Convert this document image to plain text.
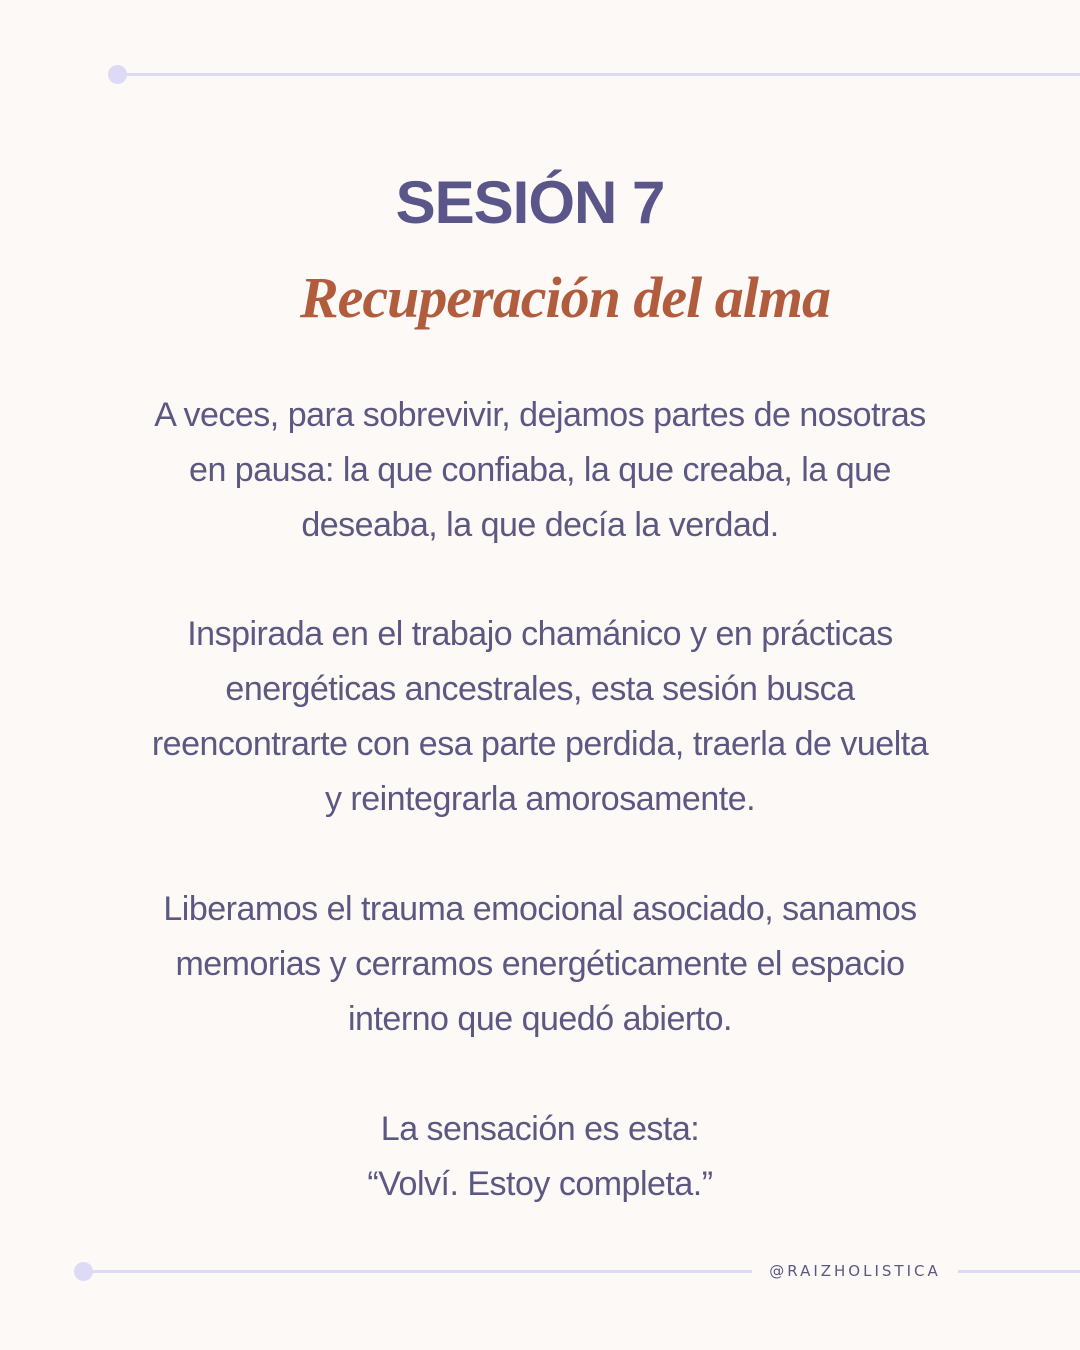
SESIÓN 7
Recuperación del alma

A veces, para sobrevivir, dejamos partes de nosotras
en pausa: la que confiaba, la que creaba, la que
deseaba, la que decía la verdad.

Inspirada en el trabajo chamánico y en prácticas
energéticas ancestrales, esta sesión busca
reencontrarte con esa parte perdida, traerla de vuelta
y reintegrarla amorosamente.

Liberamos el trauma emocional asociado, sanamos
memorias y cerramos energéticamente el espacio
interno que quedó abierto.

La sensación es esta:
“Volví. Estoy completa.”

@RAIZHOLISTICA
